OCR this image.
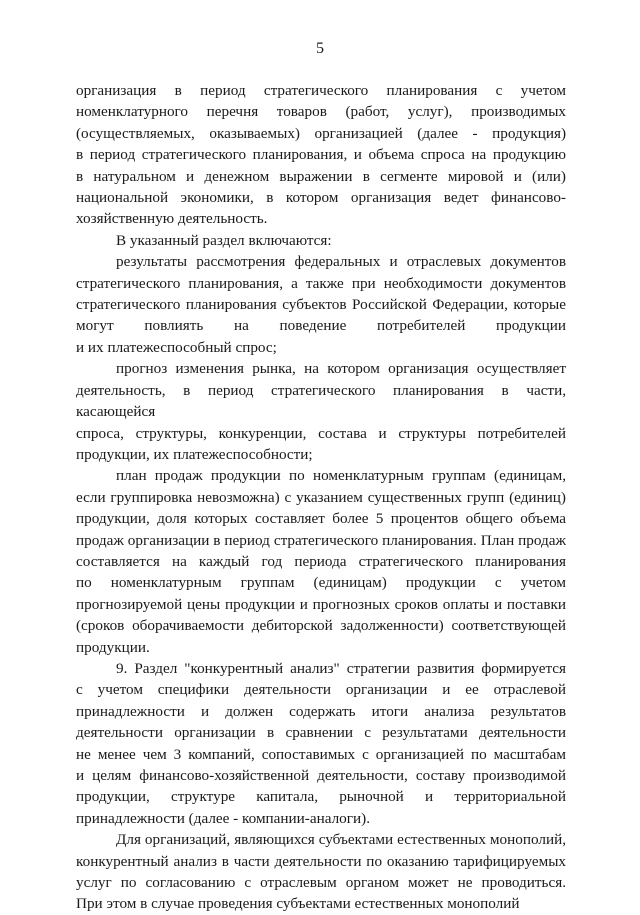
5

организация в период стратегического планирования с учетом
номенклатурного перечня товаров (работ, услуг), производимых
(осуществляемых, оказываемых) организацией (далее - продукция)
в период стратегического планирования, и объема спроса на продукцию
в натуральном и денежном выражении в сегменте мировой и (или)
национальной экономики, в котором организация ведет финансово-
хозяйственную деятельность.

В указанный раздел включаются:

результаты рассмотрения федеральных и отраслевых документов
стратегического планирования, а также при необходимости документов
стратегического планирования субъектов Российской Федерации, которые
могут повлиять на поведение потребителей продукции
и их платежеспособный спрос;

прогноз изменения рынка, на котором организация осуществляет
деятельность, в период стратегического планирования в части, касающейся
спроса, структуры, конкуренции, состава и структуры потребителей
продукции, их платежеспособности;

план продаж продукции по номенклатурным группам (единицам,
если группировка невозможна) с указанием существенных групп (единиц)
продукции, доля которых составляет более 5 процентов общего объема
продаж организации в период стратегического планирования. План продаж
составляется на каждый год периода стратегического планирования
по номенклатурным группам (единицам) продукции с учетом
прогнозируемой цены продукции и прогнозных сроков оплаты и поставки
(сроков оборачиваемости дебиторской задолженности) соответствующей
продукции.

9. Раздел "конкурентный анализ" стратегии развития формируется
с учетом специфики деятельности организации и ее отраслевой
принадлежности и должен содержать итоги анализа результатов
деятельности организации в сравнении с результатами деятельности
не менее чем 3 компаний, сопоставимых с организацией по масштабам
и целям финансово-хозяйственной деятельности, составу производимой
продукции, структуре капитала, рыночной и территориальной
принадлежности (далее - компании-аналоги).

Для организаций, являющихся субъектами естественных монополий,
конкурентный анализ в части деятельности по оказанию тарифицируемых
услуг по согласованию с отраслевым органом может не проводиться.
При этом в случае проведения субъектами естественных монополий
